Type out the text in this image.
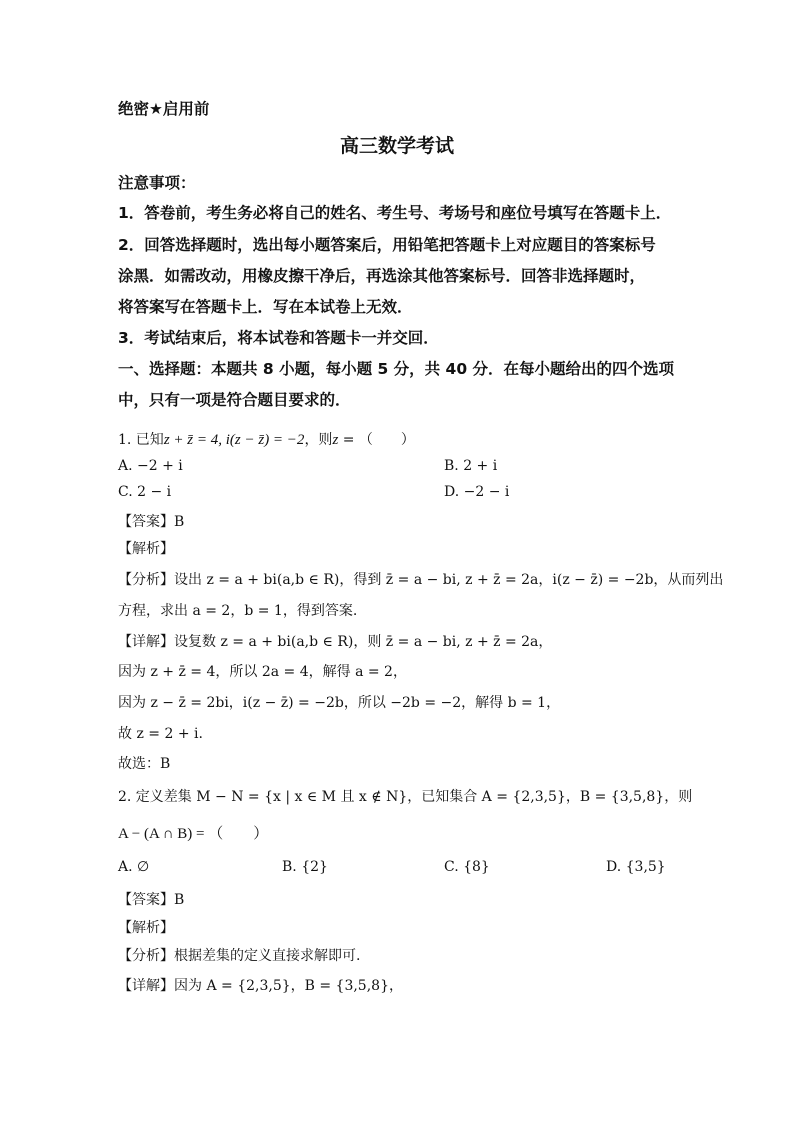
绝密★启用前
高三数学考试
注意事项：
1．答卷前，考生务必将自己的姓名、考生号、考场号和座位号填写在答题卡上．
2．回答选择题时，选出每小题答案后，用铅笔把答题卡上对应题目的答案标号
涂黑．如需改动，用橡皮擦干净后，再选涂其他答案标号．回答非选择题时，
将答案写在答题卡上．写在本试卷上无效．
3．考试结束后，将本试卷和答题卡一并交回．
一、选择题：本题共 8 小题，每小题 5 分，共 40 分．在每小题给出的四个选项
中，只有一项是符合题目要求的．
1. 已知z + z̄ = 4, i(z − z̄) = −2，则z = （　　）
A. −2 + i	B. 2 + i
C. 2 − i	D. −2 − i
【答案】B
【解析】
【分析】设出 z = a + bi(a,b ∈ R)，得到 z̄ = a − bi, z + z̄ = 2a，i(z − z̄) = −2b，从而列出
方程，求出 a = 2，b = 1，得到答案.
【详解】设复数 z = a + bi(a,b ∈ R)，则 z̄ = a − bi, z + z̄ = 2a，
因为 z + z̄ = 4，所以 2a = 4，解得 a = 2，
因为 z − z̄ = 2bi，i(z − z̄) = −2b，所以 −2b = −2，解得 b = 1，
故 z = 2 + i.
故选：B
2. 定义差集 M − N = {x | x ∈ M 且 x ∉ N}，已知集合 A = {2,3,5}，B = {3,5,8}，则
A − (A ∩ B) = （　　）
A. ∅	B. {2}	C. {8}	D. {3,5}
【答案】B
【解析】
【分析】根据差集的定义直接求解即可.
【详解】因为 A = {2,3,5}，B = {3,5,8}，
